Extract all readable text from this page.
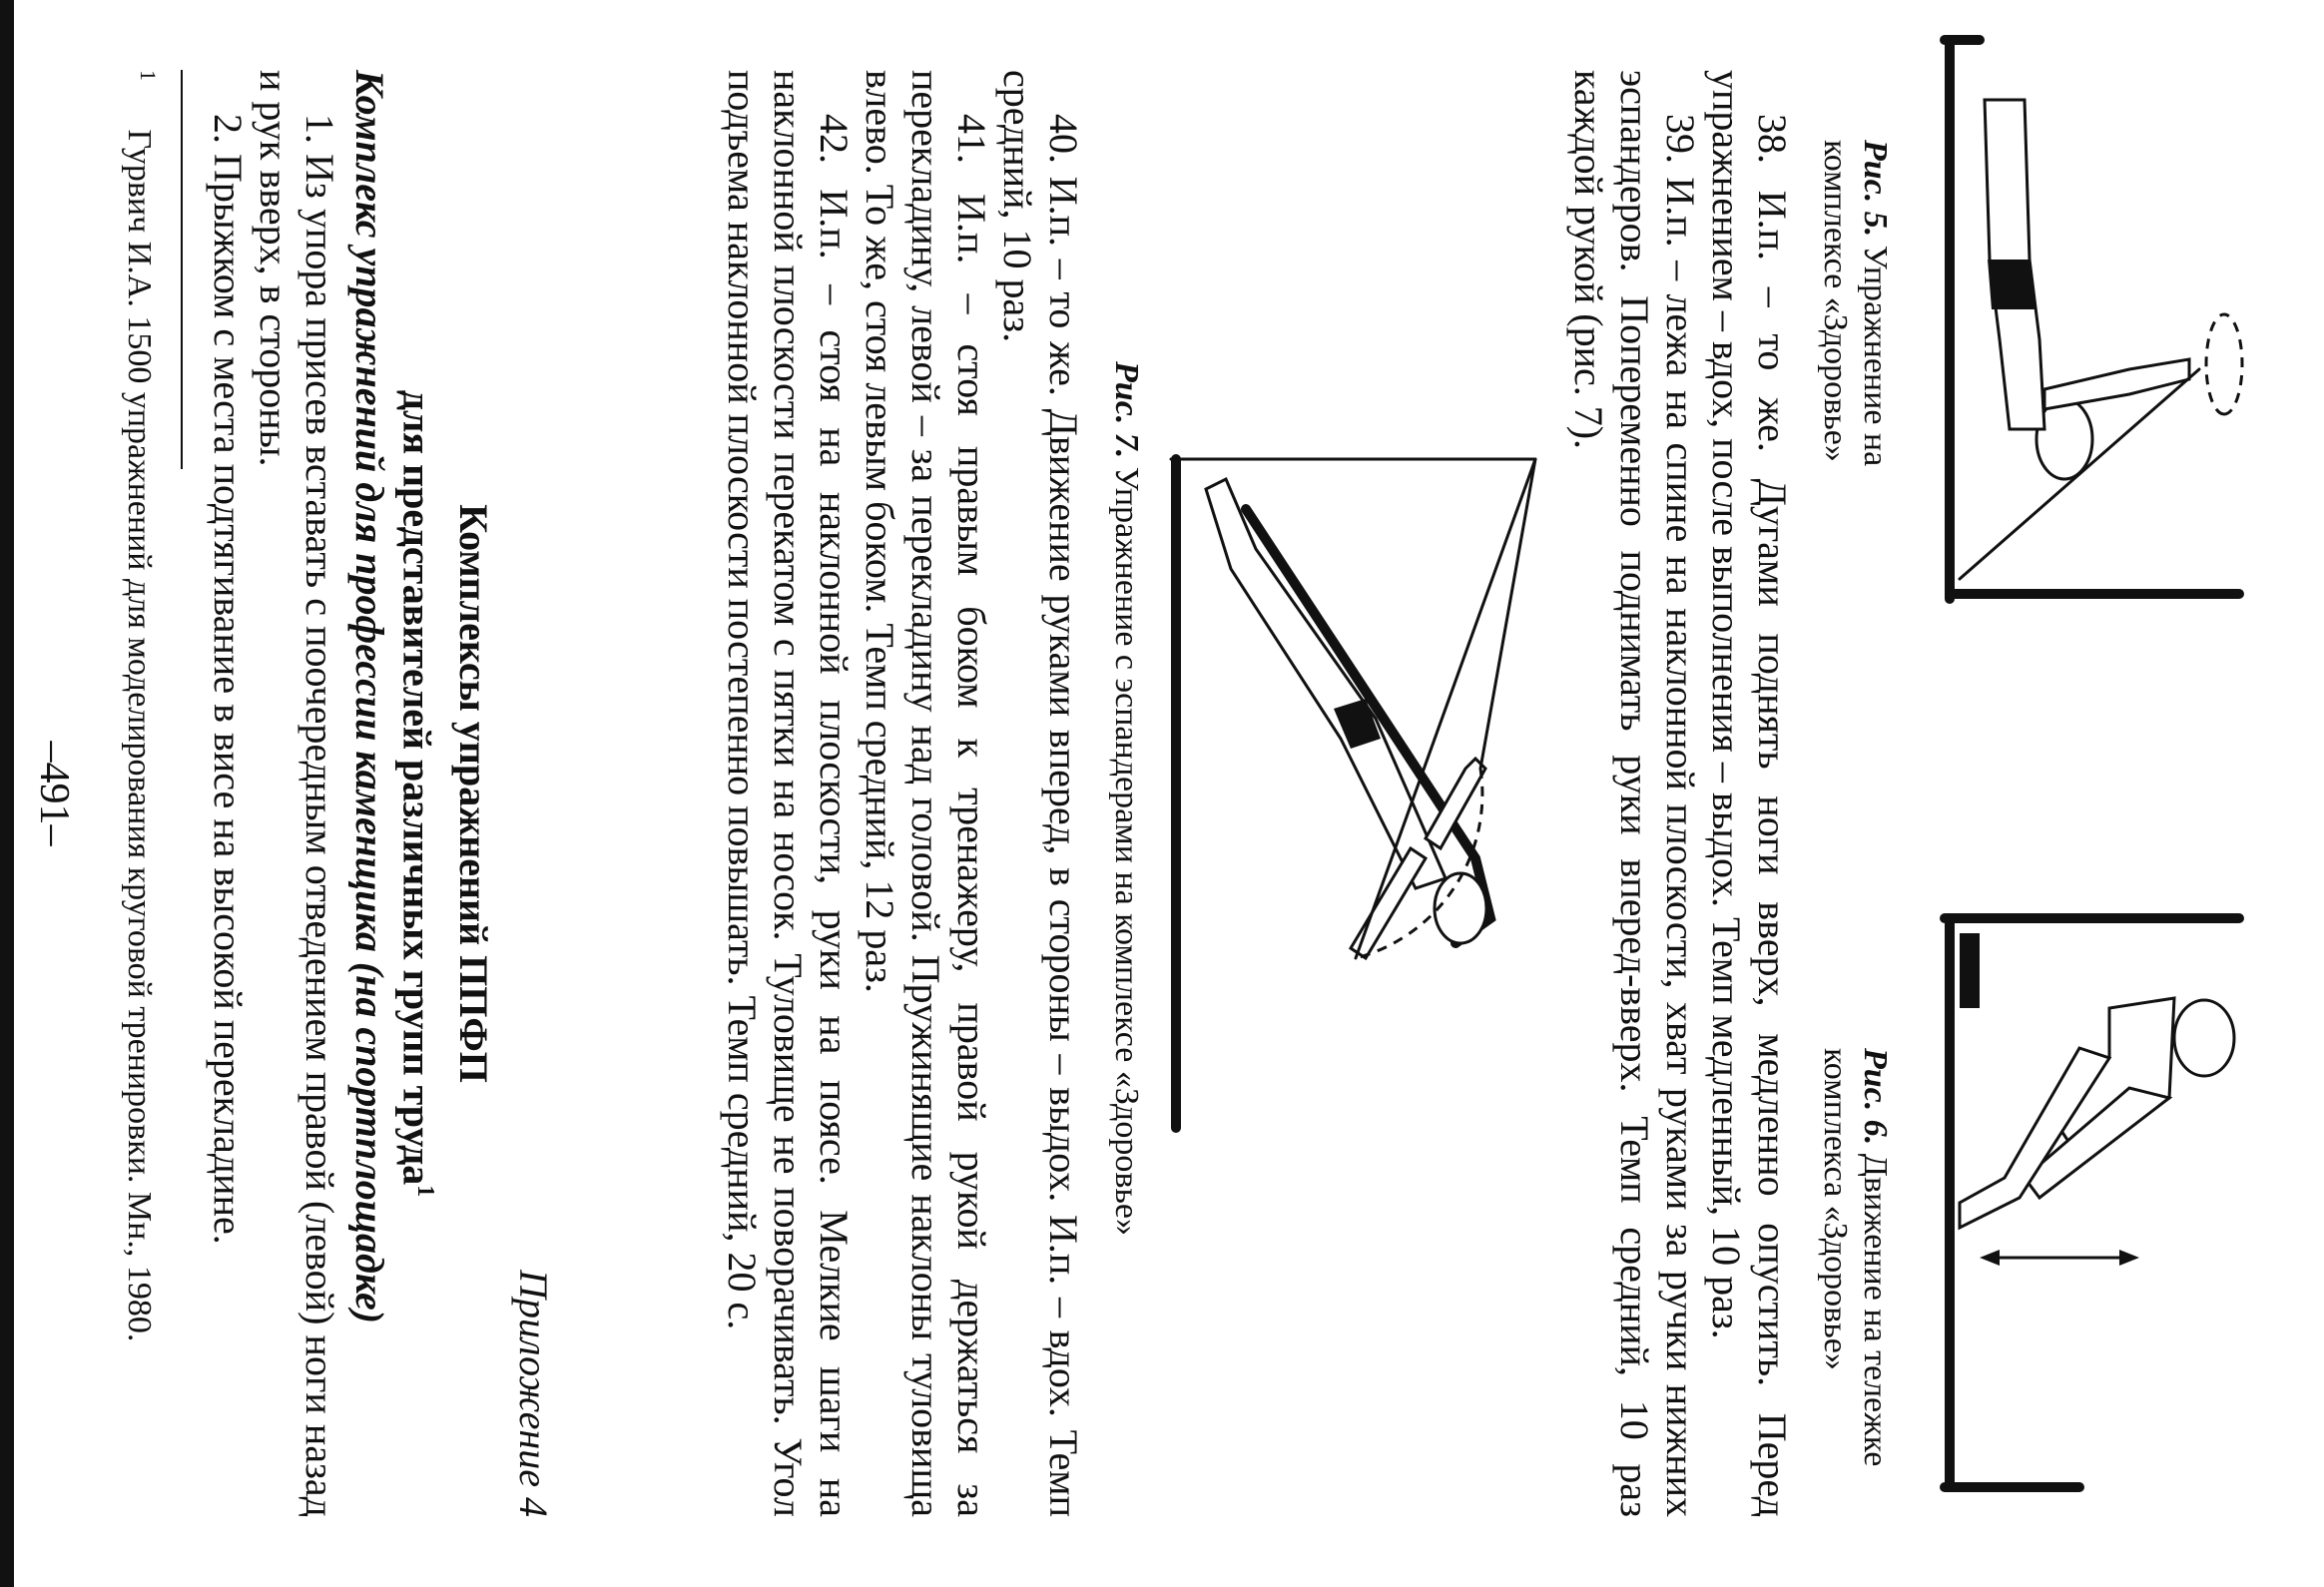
Рис. 5. Упражнение на
комплексе «Здоровье»
Рис. 6. Движение на тележке
комплекса «Здоровье»

38. И.п. – то же. Дугами поднять ноги вверх, медленно опустить. Перед упражнением – вдох, после выполнения – выдох. Темп медленный, 10 раз.

39. И.п. – лежа на спине на наклонной плоскости, хват руками за ручки нижних эспандеров. Попеременно поднимать руки вперед-вверх. Темп средний, 10 раз каждой рукой (рис. 7).

Рис. 7. Упражнение с эспандерами на комплексе «Здоровье»

40. И.п. – то же. Движение руками вперед, в стороны – выдох. И.п. – вдох. Темп средний, 10 раз.

41. И.п. – стоя правым боком к тренажеру, правой рукой держаться за перекладину, левой – за перекладину над головой. Пружинящие наклоны туловища влево. То же, стоя левым боком. Темп средний, 12 раз.

42. И.п. – стоя на наклонной плоскости, руки на поясе. Мелкие шаги на наклонной плоскости перекатом с пятки на носок. Туловище не поворачивать. Угол подъема наклонной плоскости постепенно повышать. Темп средний, 20 с.

Приложение 4
Комплексы упражнений ППФП
для представителей различных групп труда$^1$
Комплекс упражнений для профессии каменщика (на спортплощадке)

1. Из упора присев вставать с поочередным отведением правой (левой) ноги назад и рук вверх, в стороны.

2. Прыжком с места подтягивание в висе на высокой перекладине.

$^1$ Гурвич И.А. 1500 упражнений для моделирования круговой тренировки. Мн., 1980.
–491–
